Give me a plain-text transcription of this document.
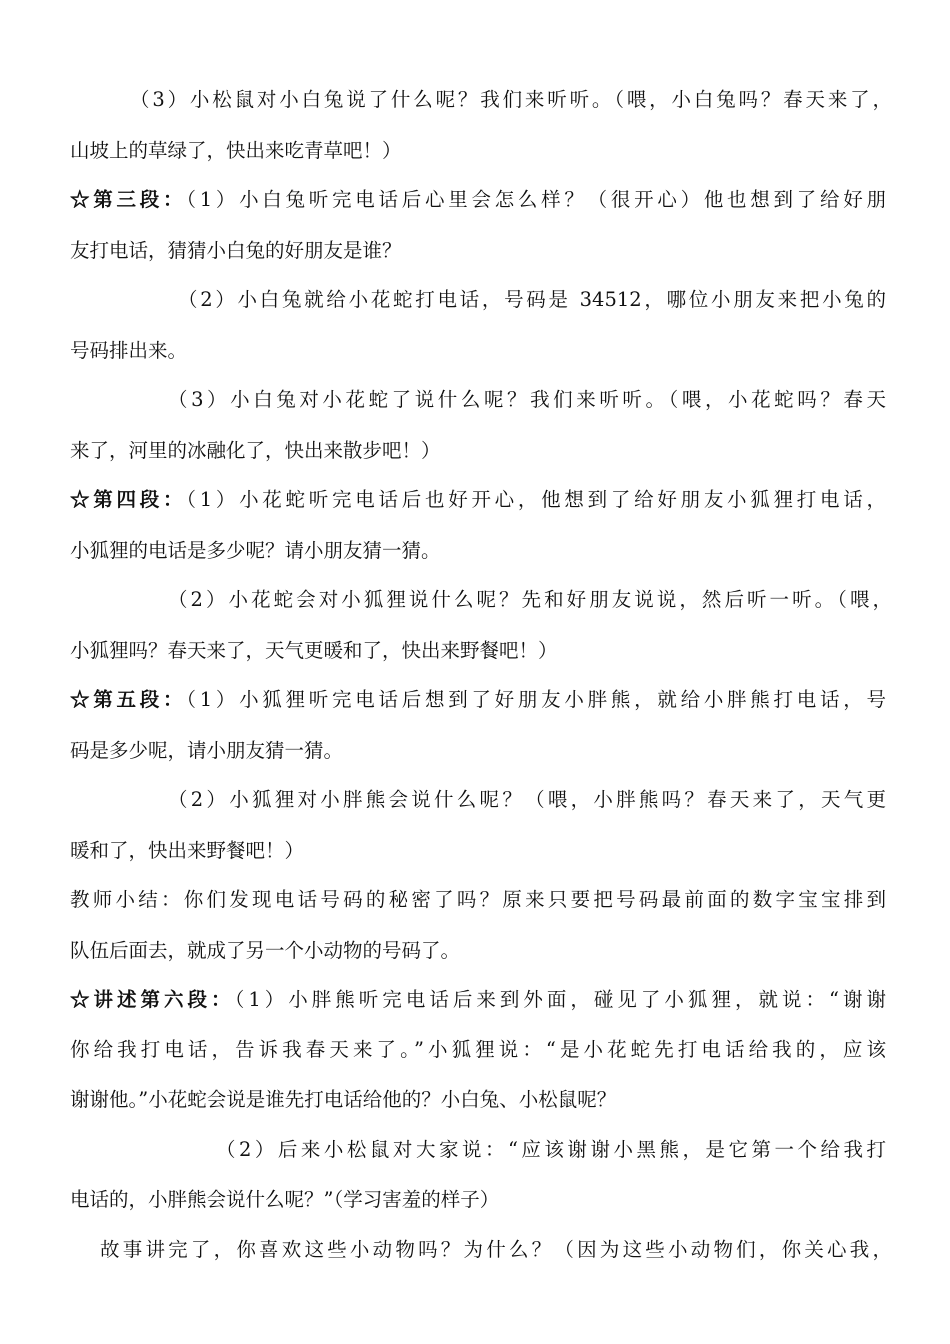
（3）小松鼠对小白兔说了什么呢？我们来听听。（喂，小白兔吗？春天来了，
山坡上的草绿了，快出来吃青草吧！）
☆第三段：（1）小白兔听完电话后心里会怎么样？（很开心）他也想到了给好朋
友打电话，猜猜小白兔的好朋友是谁？
（2）小白兔就给小花蛇打电话，号码是 34512，哪位小朋友来把小兔的
号码排出来。
（3）小白兔对小花蛇了说什么呢？我们来听听。（喂，小花蛇吗？春天
来了，河里的冰融化了，快出来散步吧！）
☆第四段：（1）小花蛇听完电话后也好开心，他想到了给好朋友小狐狸打电话，
小狐狸的电话是多少呢？请小朋友猜一猜。
（2）小花蛇会对小狐狸说什么呢？先和好朋友说说，然后听一听。（喂，
小狐狸吗？春天来了，天气更暖和了，快出来野餐吧！）
☆第五段：（1）小狐狸听完电话后想到了好朋友小胖熊，就给小胖熊打电话，号
码是多少呢，请小朋友猜一猜。
（2）小狐狸对小胖熊会说什么呢？（喂，小胖熊吗？春天来了，天气更
暖和了，快出来野餐吧！）
教师小结：你们发现电话号码的秘密了吗？原来只要把号码最前面的数字宝宝排到
队伍后面去，就成了另一个小动物的号码了。
☆讲述第六段：（1）小胖熊听完电话后来到外面，碰见了小狐狸，就说：“谢谢
你给我打电话，告诉我春天来了。”小狐狸说：“是小花蛇先打电话给我的，应该
谢谢他。”小花蛇会说是谁先打电话给他的？小白兔、小松鼠呢？
（2）后来小松鼠对大家说：“应该谢谢小黑熊，是它第一个给我打
电话的，小胖熊会说什么呢？”（学习害羞的样子）
故事讲完了，你喜欢这些小动物吗？为什么？（因为这些小动物们，你关心我，
